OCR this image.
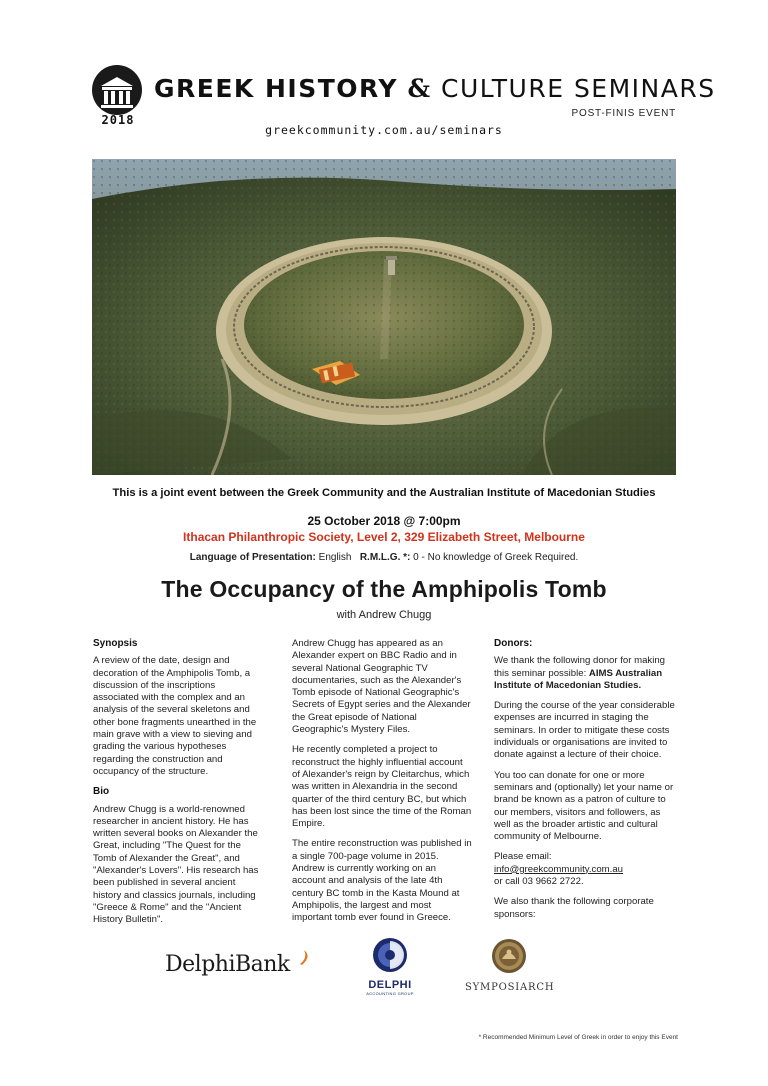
2018
GREEK HISTORY & CULTURE SEMINARS
POST-FINIS EVENT
greekcommunity.com.au/seminars
This is a joint event between the Greek Community and the Australian Institute of Macedonian Studies
25 October 2018 @ 7:00pm
Ithacan Philanthropic Society, Level 2, 329 Elizabeth Street, Melbourne
Language of Presentation: English R.M.L.G. *: 0 - No knowledge of Greek Required.
The Occupancy of the Amphipolis Tomb
with Andrew Chugg
Synopsis

A review of the date, design and decoration of the Amphipolis Tomb, a discussion of the inscriptions associated with the complex and an analysis of the several skeletons and other bone fragments unearthed in the main grave with a view to sieving and grading the various hypotheses regarding the construction and occupancy of the structure.

Bio

Andrew Chugg is a world-renowned researcher in ancient history. He has written several books on Alexander the Great, including "The Quest for the Tomb of Alexander the Great", and "Alexander's Lovers". His research has been published in several ancient history and classics journals, including "Greece & Rome" and the "Ancient History Bulletin".

Andrew Chugg has appeared as an Alexander expert on BBC Radio and in several National Geographic TV documentaries, such as the Alexander's Tomb episode of National Geographic's Secrets of Egypt series and the Alexander the Great episode of National Geographic's Mystery Files.

He recently completed a project to reconstruct the highly influential account of Alexander's reign by Cleitarchus, which was written in Alexandria in the second quarter of the third century BC, but which has been lost since the time of the Roman Empire.

The entire reconstruction was published in a single 700-page volume in 2015. Andrew is currently working on an account and analysis of the late 4th century BC tomb in the Kasta Mound at Amphipolis, the largest and most important tomb ever found in Greece.

Donors:

We thank the following donor for making this seminar possible: AIMS Australian Institute of Macedonian Studies.

During the course of the year considerable expenses are incurred in staging the seminars. In order to mitigate these costs individuals or organisations are invited to donate against a lecture of their choice.

You too can donate for one or more seminars and (optionally) let your name or brand be known as a patron of culture to our members, visitors and followers, as well as the broader artistic and cultural community of Melbourne.

Please email:
info@greekcommunity.com.au
or call 03 9662 2722.

We also thank the following corporate sponsors:

DelphiBank
DELPHI
ACCOUNTING GROUP
SYMPOSIARCH
* Recommended Minimum Level of Greek in order to enjoy this Event
